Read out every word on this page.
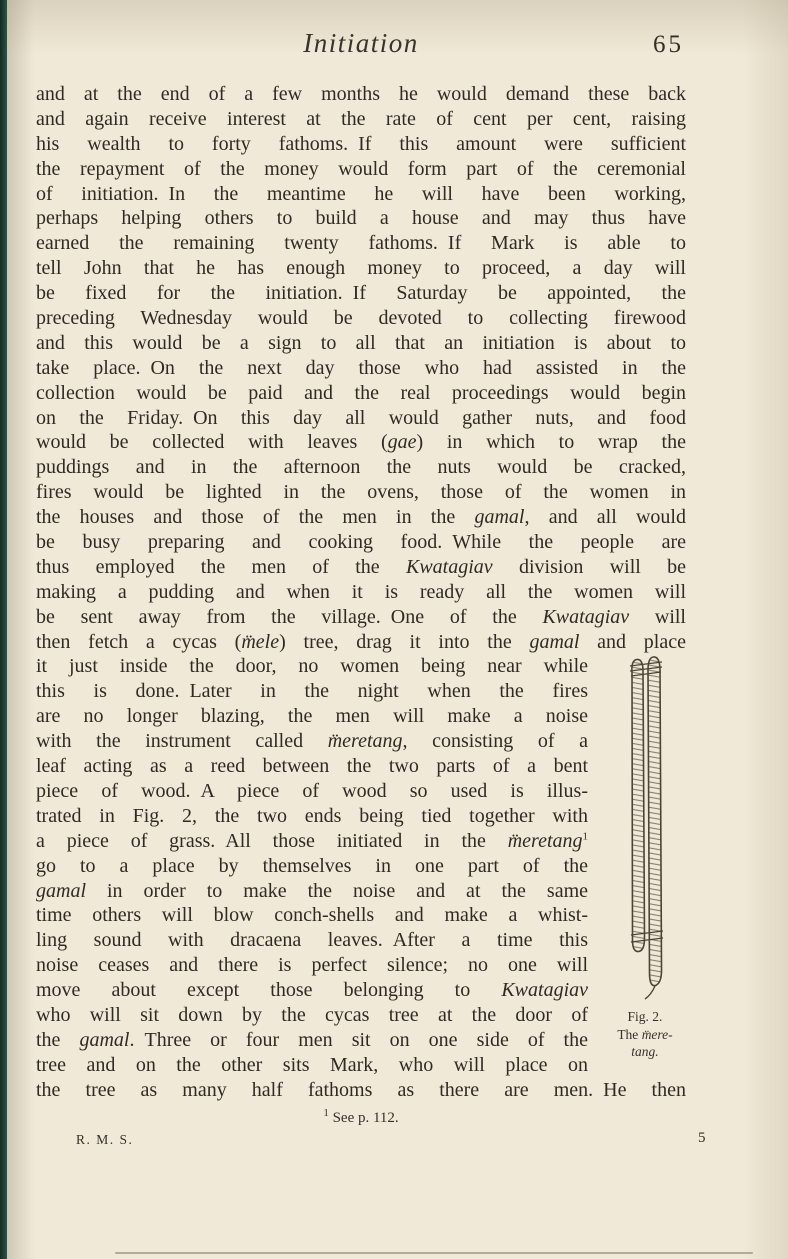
Initiation	65
and at the end of a few months he would demand these back
and again receive interest at the rate of cent per cent, raising
his wealth to forty fathoms. If this amount were sufficient
the repayment of the money would form part of the ceremonial
of initiation. In the meantime he will have been working,
perhaps helping others to build a house and may thus have
earned the remaining twenty fathoms. If Mark is able to
tell John that he has enough money to proceed, a day will
be fixed for the initiation. If Saturday be appointed, the
preceding Wednesday would be devoted to collecting firewood
and this would be a sign to all that an initiation is about to
take place. On the next day those who had assisted in the
collection would be paid and the real proceedings would begin
on the Friday. On this day all would gather nuts, and food
would be collected with leaves (gae) in which to wrap the
puddings and in the afternoon the nuts would be cracked,
fires would be lighted in the ovens, those of the women in
the houses and those of the men in the gamal, and all would
be busy preparing and cooking food. While the people are
thus employed the men of the Kwatagiav division will be
making a pudding and when it is ready all the women will
be sent away from the village. One of the Kwatagiav will
then fetch a cycas (m̈ele) tree, drag it into the gamal and place
it just inside the door, no women being near while
this is done. Later in the night when the fires
are no longer blazing, the men will make a noise
with the instrument called m̈eretang, consisting of a
leaf acting as a reed between the two parts of a bent
piece of wood. A piece of wood so used is illus-
trated in Fig. 2, the two ends being tied together with
a piece of grass. All those initiated in the m̈eretang$^1$
go to a place by themselves in one part of the
gamal in order to make the noise and at the same
time others will blow conch-shells and make a whist-
ling sound with dracaena leaves. After a time this
noise ceases and there is perfect silence; no one will
move about except those belonging to Kwatagiav
who will sit down by the cycas tree at the door of
the gamal. Three or four men sit on one side of the
tree and on the other sits Mark, who will place on
the tree as many half fathoms as there are men. He then
Fig. 2.
The m̈ere-
tang.
$^1$ See p. 112.
R. M. S.	5
